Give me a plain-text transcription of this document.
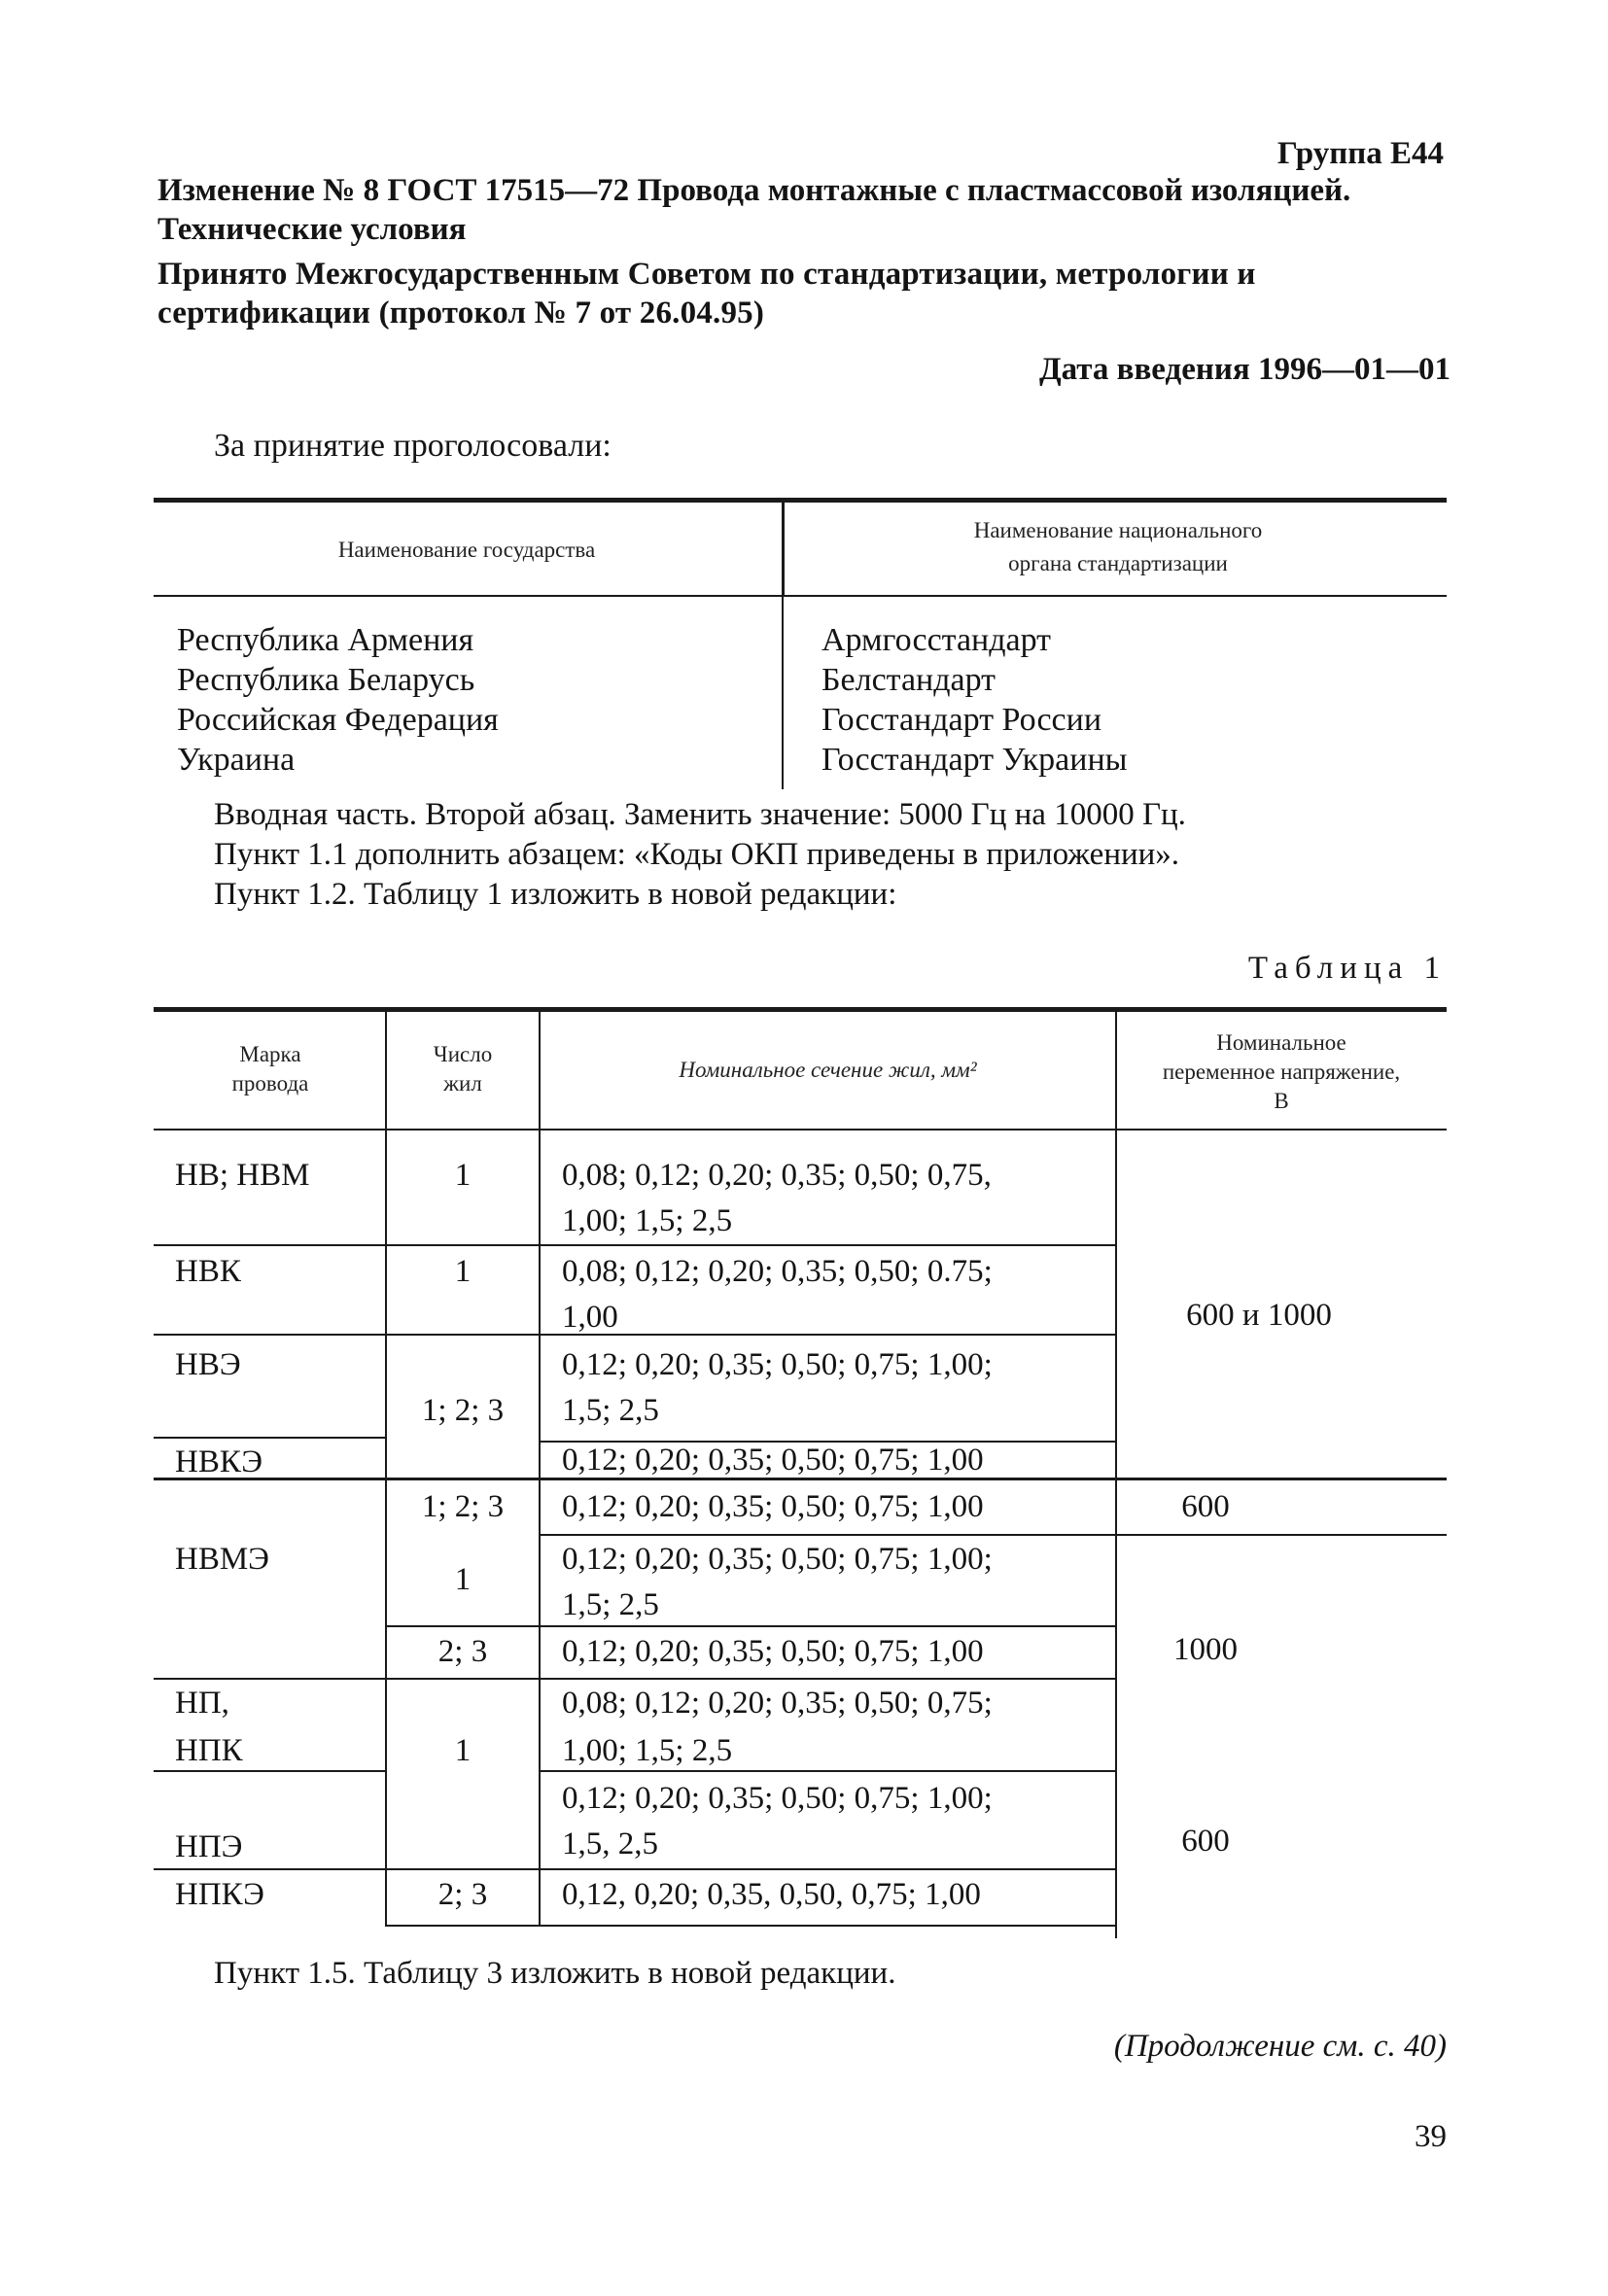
Группа Е44
Изменение № 8 ГОСТ 17515—72 Провода монтажные с пластмассовой изоляцией. Технические условия
Принято Межгосударственным Советом по стандартизации, метрологии и сертификации (протокол № 7 от 26.04.95)
Дата введения 1996—01—01
За принятие проголосовали:
Наименование государства
Наименование национального
органа стандартизации
Республика Армения
Республика Беларусь
Российская Федерация
Украина
Армгосстандарт
Белстандарт
Госстандарт России
Госстандарт Украины
Вводная часть. Второй абзац. Заменить значение: 5000 Гц на 10000 Гц.
Пункт 1.1 дополнить абзацем: «Коды ОКП приведены в приложении».
Пункт 1.2. Таблицу 1 изложить в новой редакции:
Таблица 1
Марка
провода
Число
жил
Номинальное сечение жил, мм²
Номинальное
переменное напряжение,
В
НВ; НВМ
НВК
НВЭ
НВКЭ
НВМЭ
НП,
НПК
НПЭ
НПКЭ
1
1
1; 2; 3
1; 2; 3
1
2; 3
1
2; 3
0,08; 0,12; 0,20; 0,35; 0,50; 0,75,
1,00; 1,5; 2,5
0,08; 0,12; 0,20; 0,35; 0,50; 0.75;
1,00
0,12; 0,20; 0,35; 0,50; 0,75; 1,00;
1,5; 2,5
0,12; 0,20; 0,35; 0,50; 0,75; 1,00
0,12; 0,20; 0,35; 0,50; 0,75; 1,00
0,12; 0,20; 0,35; 0,50; 0,75; 1,00;
1,5; 2,5
0,12; 0,20; 0,35; 0,50; 0,75; 1,00
0,08; 0,12; 0,20; 0,35; 0,50; 0,75;
1,00; 1,5; 2,5
0,12; 0,20; 0,35; 0,50; 0,75; 1,00;
1,5, 2,5
0,12, 0,20; 0,35, 0,50, 0,75; 1,00
600 и 1000
600
1000
600
Пункт 1.5. Таблицу 3 изложить в новой редакции.
(Продолжение см. с. 40)
39
